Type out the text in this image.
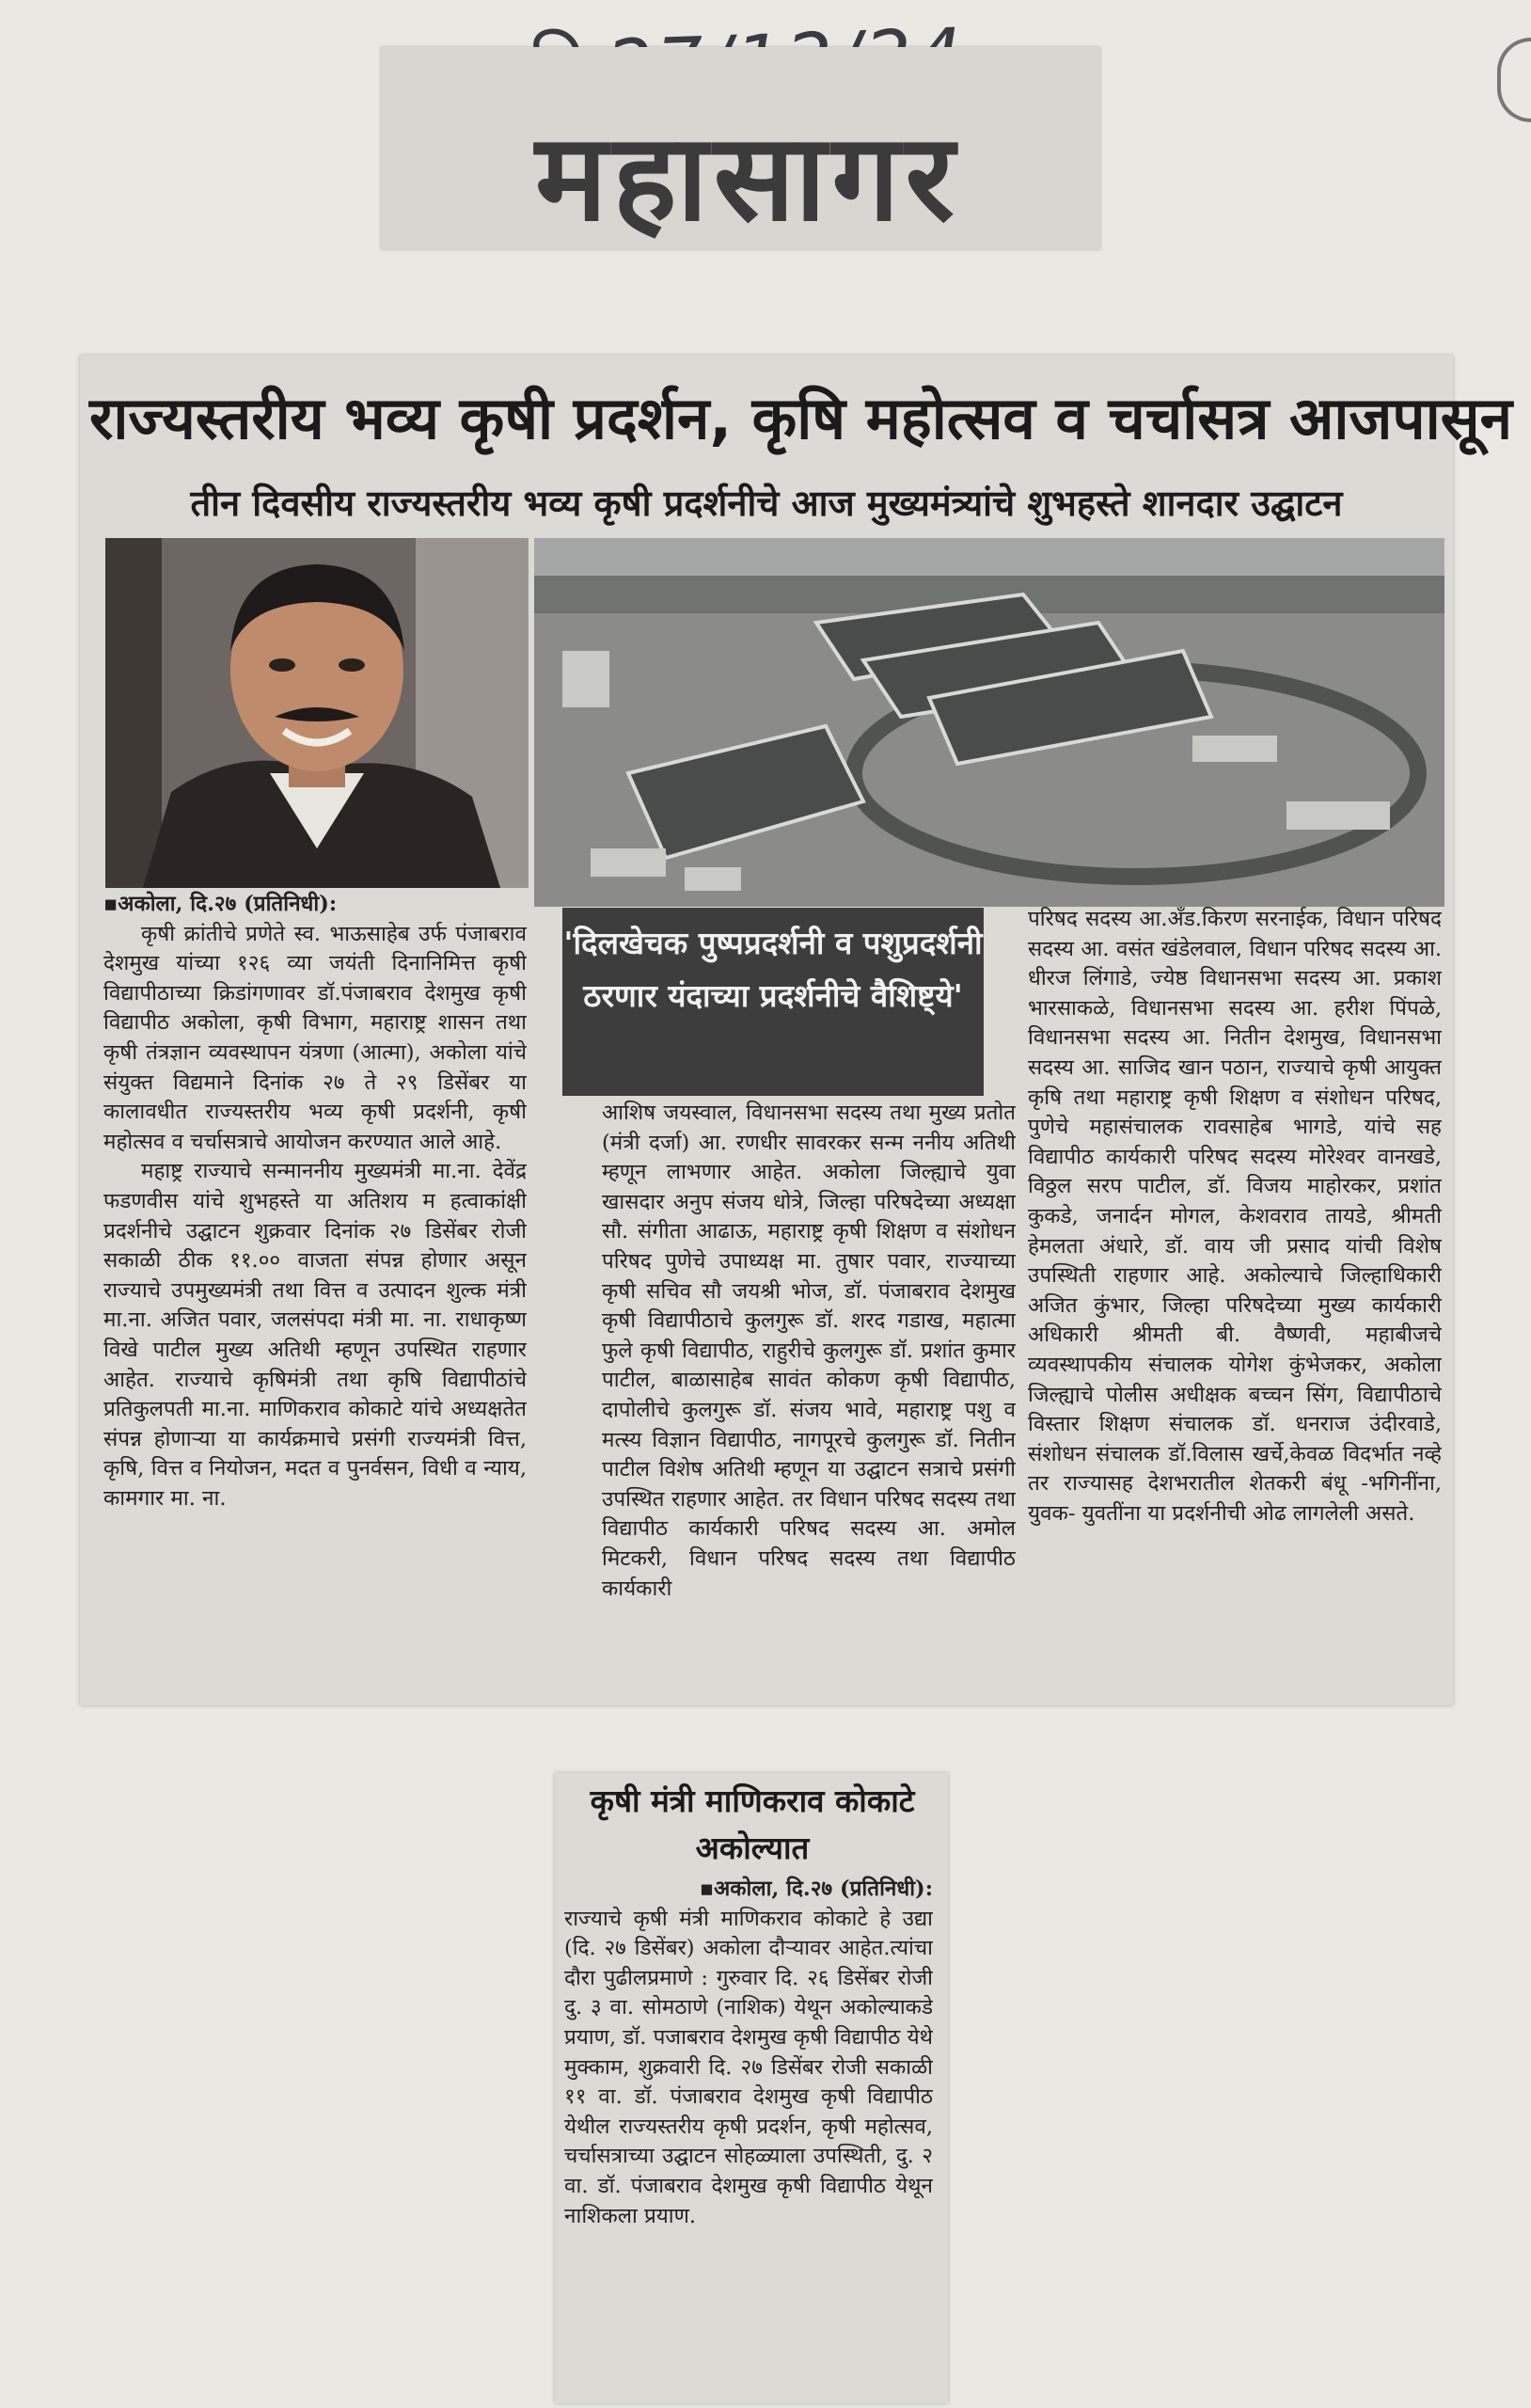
महासागर
राज्यस्तरीय भव्य कृषी प्रदर्शन, कृषि महोत्सव व चर्चासत्र आजपासून
तीन दिवसीय राज्यस्तरीय भव्य कृषी प्रदर्शनीचे आज मुख्यमंत्र्यांचे शुभहस्ते शानदार उद्घाटन

▪अकोला, दि.२७ (प्रतिनिधी):

कृषी क्रांतीचे प्रणेते स्व. भाऊसाहेब उर्फ पंजाबराव देशमुख यांच्या १२६ व्या जयंती दिनानिमित्त कृषी विद्यापीठाच्या क्रिडांगणावर डॉ.पंजाबराव देशमुख कृषी विद्यापीठ अकोला, कृषी विभाग, महाराष्ट्र शासन तथा कृषी तंत्रज्ञान व्यवस्थापन यंत्रणा (आत्मा), अकोला यांचे संयुक्त विद्यमाने दिनांक २७ ते २९ डिसेंबर या कालावधीत राज्यस्तरीय भव्य कृषी प्रदर्शनी, कृषी महोत्सव व चर्चासत्राचे आयोजन करण्यात आले आहे.

महाष्ट्र राज्याचे सन्माननीय मुख्यमंत्री मा.ना. देवेंद्र फडणवीस यांचे शुभहस्ते या अतिशय म हत्वाकांक्षी प्रदर्शनीचे उद्घाटन शुक्रवार दिनांक २७ डिसेंबर रोजी सकाळी ठीक ११.०० वाजता संपन्न होणार असून राज्याचे उपमुख्यमंत्री तथा वित्त व उत्पादन शुल्क मंत्री मा.ना. अजित पवार, जलसंपदा मंत्री मा. ना. राधाकृष्ण विखे पाटील मुख्य अतिथी म्हणून उपस्थित राहणार आहेत. राज्याचे कृषिमंत्री तथा कृषि विद्यापीठांचे प्रतिकुलपती मा.ना. माणिकराव कोकाटे यांचे अध्यक्षतेत संपन्न होणाऱ्या या कार्यक्रमाचे प्रसंगी राज्यमंत्री वित्त, कृषि, वित्त व नियोजन, मदत व पुनर्वसन, विधी व न्याय, कामगार मा. ना.

'दिलखेचक पुष्पप्रदर्शनी व पशुप्रदर्शनी ठरणार यंदाच्या प्रदर्शनीचे वैशिष्ट्ये'

आशिष जयस्वाल, विधानसभा सदस्य तथा मुख्य प्रतोत (मंत्री दर्जा) आ. रणधीर सावरकर सन्म ननीय अतिथी म्हणून लाभणार आहेत. अकोला जिल्ह्याचे युवा खासदार अनुप संजय धोत्रे, जिल्हा परिषदेच्या अध्यक्षा सौ. संगीता आढाऊ, महाराष्ट्र कृषी शिक्षण व संशोधन परिषद पुणेचे उपाध्यक्ष मा. तुषार पवार, राज्याच्या कृषी सचिव सौ जयश्री भोज, डॉ. पंजाबराव देशमुख कृषी विद्यापीठाचे कुलगुरू डॉ. शरद गडाख, महात्मा फुले कृषी विद्यापीठ, राहुरीचे कुलगुरू डॉ. प्रशांत कुमार पाटील, बाळासाहेब सावंत कोकण कृषी विद्यापीठ, दापोलीचे कुलगुरू डॉ. संजय भावे, महाराष्ट्र पशु व मत्स्य विज्ञान विद्यापीठ, नागपूरचे कुलगुरू डॉ. नितीन पाटील विशेष अतिथी म्हणून या उद्घाटन सत्राचे प्रसंगी उपस्थित राहणार आहेत. तर विधान परिषद सदस्य तथा विद्यापीठ कार्यकारी परिषद सदस्य आ. अमोल मिटकरी, विधान परिषद सदस्य तथा विद्यापीठ कार्यकारी

परिषद सदस्य आ.अँड.किरण सरनाईक, विधान परिषद सदस्य आ. वसंत खंडेलवाल, विधान परिषद सदस्य आ. धीरज लिंगाडे, ज्येष्ठ विधानसभा सदस्य आ. प्रकाश भारसाकळे, विधानसभा सदस्य आ. हरीश पिंपळे, विधानसभा सदस्य आ. नितीन देशमुख, विधानसभा सदस्य आ. साजिद खान पठान, राज्याचे कृषी आयुक्त कृषि तथा महाराष्ट्र कृषी शिक्षण व संशोधन परिषद, पुणेचे महासंचालक रावसाहेब भागडे, यांचे सह विद्यापीठ कार्यकारी परिषद सदस्य मोरेश्वर वानखडे, विठ्ठल सरप पाटील, डॉ. विजय माहोरकर, प्रशांत कुकडे, जनार्दन मोगल, केशवराव तायडे, श्रीमती हेमलता अंधारे, डॉ. वाय जी प्रसाद यांची विशेष उपस्थिती राहणार आहे. अकोल्याचे जिल्हाधिकारी अजित कुंभार, जिल्हा परिषदेच्या मुख्य कार्यकारी अधिकारी श्रीमती बी. वैष्णवी, महाबीजचे व्यवस्थापकीय संचालक योगेश कुंभेजकर, अकोला जिल्ह्याचे पोलीस अधीक्षक बच्चन सिंग, विद्यापीठाचे विस्तार शिक्षण संचालक डॉ. धनराज उंदीरवाडे, संशोधन संचालक डॉ.विलास खर्चे,केवळ विदर्भात नव्हे तर राज्यासह देशभरातील शेतकरी बंधू -भगिनींना, युवक- युवतींना या प्रदर्शनीची ओढ लागलेली असते.

कृषी मंत्री माणिकराव कोकाटे अकोल्यात

▪अकोला, दि.२७ (प्रतिनिधी):

राज्याचे कृषी मंत्री माणिकराव कोकाटे हे उद्या (दि. २७ डिसेंबर) अकोला दौऱ्यावर आहेत.त्यांचा दौरा पुढीलप्रमाणे : गुरुवार दि. २६ डिसेंबर रोजी दु. ३ वा. सोमठाणे (नाशिक) येथून अकोल्याकडे प्रयाण, डॉ. पजाबराव देशमुख कृषी विद्यापीठ येथे मुक्काम, शुक्रवारी दि. २७ डिसेंबर रोजी सकाळी ११ वा. डॉ. पंजाबराव देशमुख कृषी विद्यापीठ येथील राज्यस्तरीय कृषी प्रदर्शन, कृषी महोत्सव, चर्चासत्राच्या उद्घाटन सोहळ्याला उपस्थिती, दु. २ वा. डॉ. पंजाबराव देशमुख कृषी विद्यापीठ येथून नाशिकला प्रयाण.
